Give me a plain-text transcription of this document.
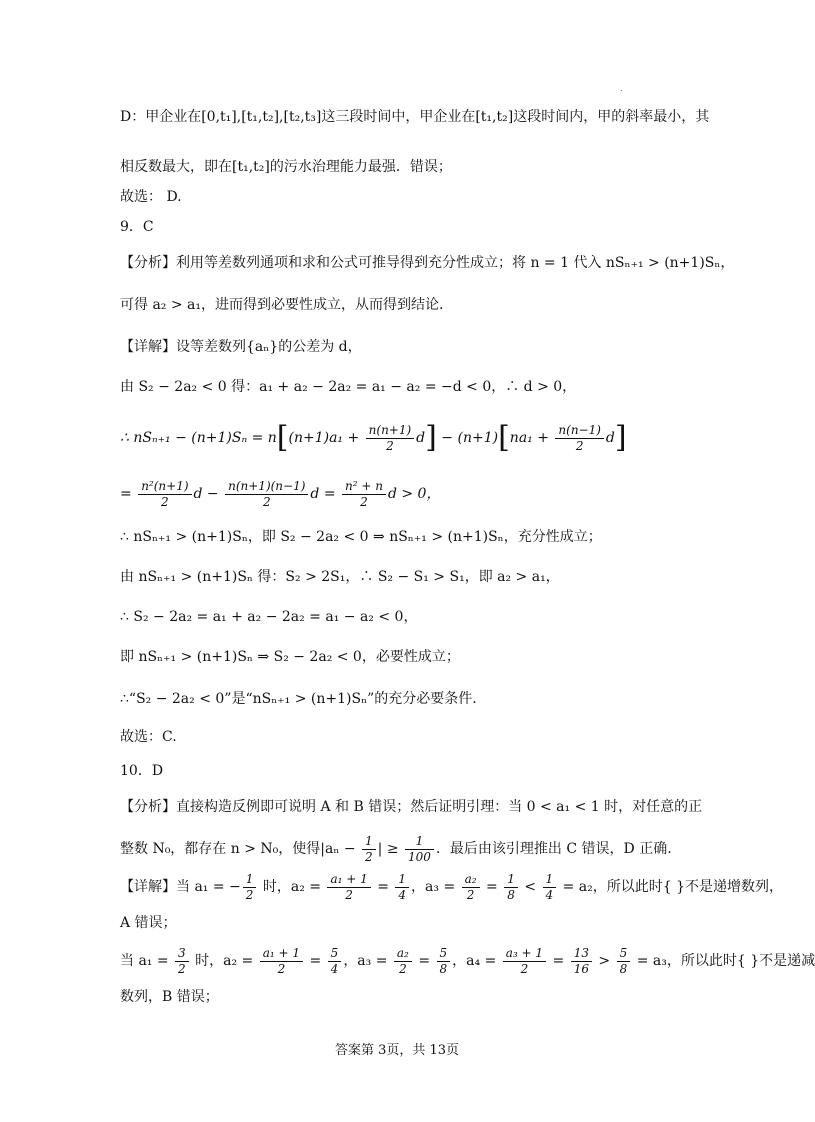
.
D：甲企业在[0,t₁],[t₁,t₂],[t₂,t₃]这三段时间中，甲企业在[t₁,t₂]这段时间内，甲的斜率最小，其
相反数最大，即在[t₁,t₂]的污水治理能力最强．错误；
故选： D.
9．C
【分析】利用等差数列通项和求和公式可推导得到充分性成立；将 n = 1 代入 nSₙ₊₁ > (n+1)Sₙ，
可得 a₂ > a₁，进而得到必要性成立，从而得到结论.
【详解】设等差数列{aₙ}的公差为 d，
由 S₂ − 2a₂ < 0 得：a₁ + a₂ − 2a₂ = a₁ − a₂ = −d < 0，∴ d > 0，
∴ $nS_{n+1} - (n+1)S_n = n[(n+1)a_1 + \frac{n(n+1)}{2} d] - (n+1)[na_1 + \frac{n(n-1)}{2} d]$
= $\frac{\text{n²(n+1)}}{2}$ $d - \frac{n(n+1)(n-1)}{2}$ $d = \frac{\text{n² + n}}{2}$ d > 0，
∴ nSₙ₊₁ > (n+1)Sₙ，即 S₂ − 2a₂ < 0 ⇒ nSₙ₊₁ > (n+1)Sₙ，充分性成立；
由 nSₙ₊₁ > (n+1)Sₙ 得：S₂ > 2S₁，∴ S₂ − S₁ > S₁，即 a₂ > a₁，
∴ S₂ − 2a₂ = a₁ + a₂ − 2a₂ = a₁ − a₂ < 0，
即 nSₙ₊₁ > (n+1)Sₙ ⇒ S₂ − 2a₂ < 0，必要性成立；
∴“S₂ − 2a₂ < 0”是“nSₙ₊₁ > (n+1)Sₙ”的充分必要条件.
故选：C.
10．D
【分析】直接构造反例即可说明 A 和 B 错误；然后证明引理：当 0 < a₁ < 1 时，对任意的正
整数 N₀，都存在 n > N₀，使得$|a_n - \frac{1}{2}$ | ≥ $\frac{1}{100}$ ．最后由该引理推出 C 错误，D 正确.
【详解】当 a₁ = − $\frac{1}{2}$ 时，$a_2 = \frac{\text{a₁ + 1}}{2} = \frac{1}{4}$ ，$a_3 = \frac{\text{a₂}}{2} = \frac{1}{8} < \frac{1}{4} = a_2$，所以此时{ }不是递增数列，
A 错误；
当 $a_1 = \frac{3}{2}$ 时，$a_2 = \frac{\text{a₁ + 1}}{2} = \frac{5}{4}$ ，$a_3 = \frac{\text{a₂}}{2} = \frac{5}{8}$ ，$a_4 = \frac{\text{a₃ + 1}}{2} = \frac{13}{16} > \frac{5}{8} = a_3$，所以此时{ }不是递减
数列，B 错误；
答案第 3页，共 13页
